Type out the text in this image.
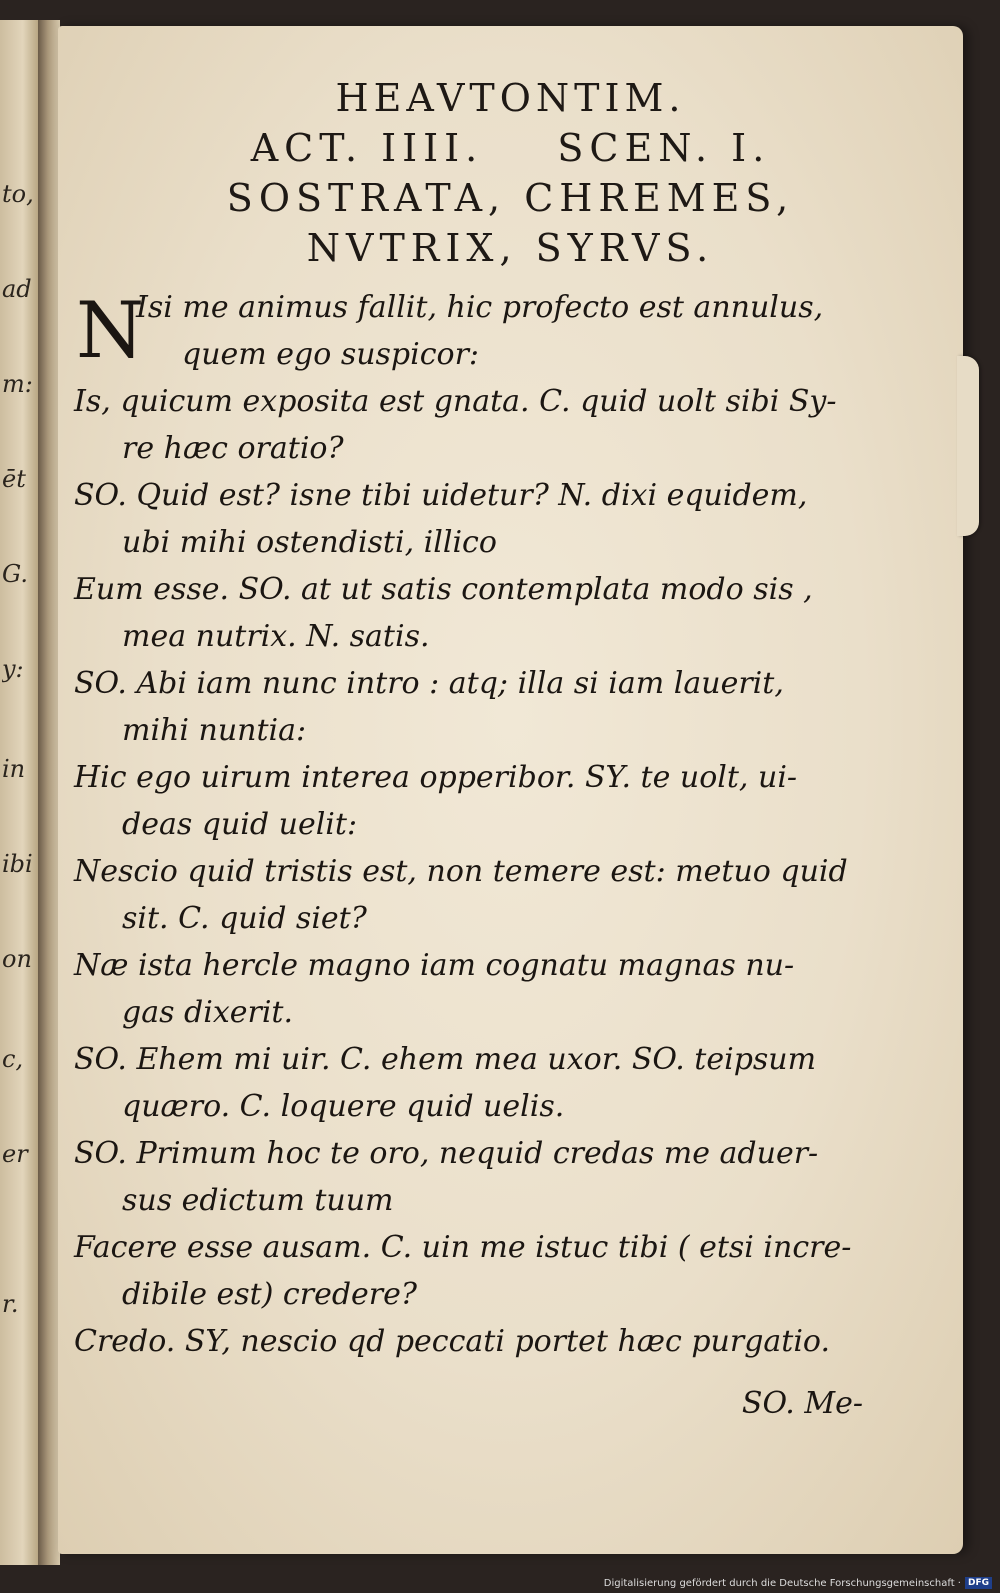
to,
ad
m:
ēt
G.
y:
in
ibi
on
c,
er
r.
HEAVTONTIM.
ACT. IIII. SCEN. I.
SOSTRATA, CHREMES,
NVTRIX, SYRVS.
N
Isi me animus fallit, hic profecto est annulus,
quem ego suspicor:
Is, quicum exposita est gnata. C. quid uolt sibi Sy-
re hæc oratio?
SO. Quid est? isne tibi uidetur? N. dixi equidem,
ubi mihi ostendisti, illico
Eum esse. SO. at ut satis contemplata modo sis ,
mea nutrix. N. satis.
SO. Abi iam nunc intro : atq; illa si iam lauerit,
mihi nuntia:
Hic ego uirum interea opperibor. SY. te uolt, ui-
deas quid uelit:
Nescio quid tristis est, non temere est: metuo quid
sit. C. quid siet?
Næ ista hercle magno iam cognatu magnas nu-
gas dixerit.
SO. Ehem mi uir. C. ehem mea uxor. SO. teipsum
quæro. C. loquere quid uelis.
SO. Primum hoc te oro, nequid credas me aduer-
sus edictum tuum
Facere esse ausam. C. uin me istuc tibi ( etsi incre-
dibile est) credere?
Credo. SY, nescio qd peccati portet hæc purgatio.
SO. Me-
Digitalisierung gefördert durch die Deutsche Forschungsgemeinschaft · DFG
